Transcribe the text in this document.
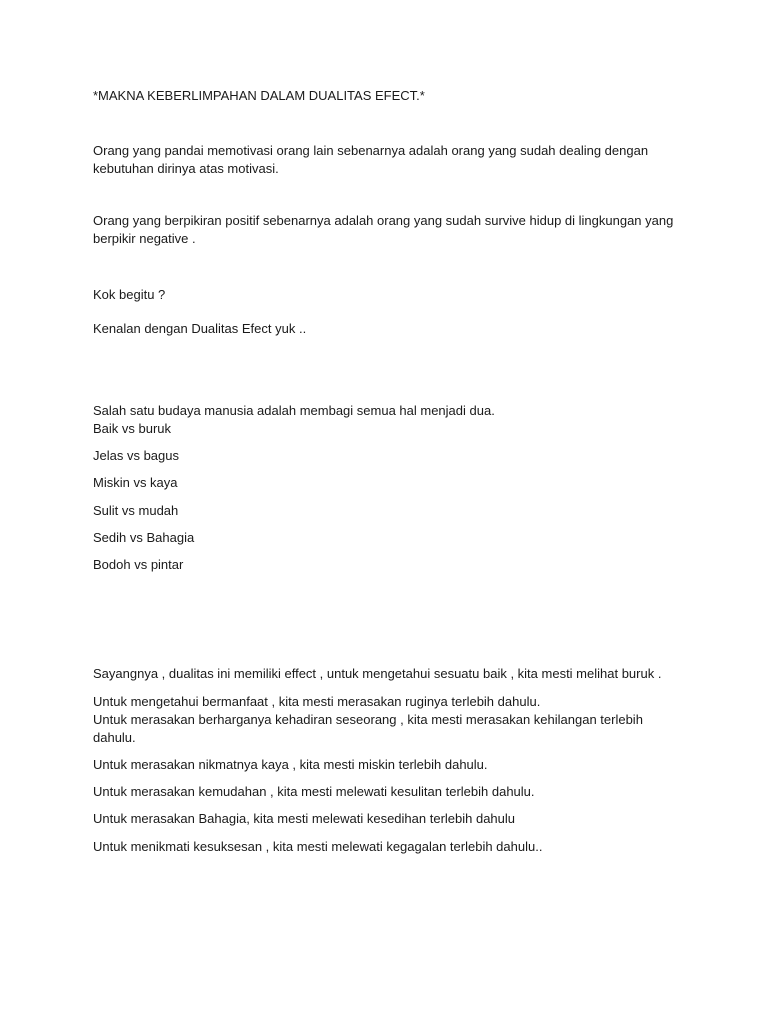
*MAKNA KEBERLIMPAHAN DALAM DUALITAS EFECT.*

Orang yang pandai memotivasi orang lain sebenarnya adalah orang yang sudah dealing dengan

kebutuhan dirinya atas motivasi.

Orang yang berpikiran positif sebenarnya adalah orang yang sudah survive hidup di lingkungan yang

berpikir negative .

Kok begitu ?

Kenalan dengan Dualitas Efect yuk ..

Salah satu budaya manusia adalah membagi semua hal menjadi dua.

Baik vs buruk

Jelas vs bagus

Miskin vs kaya

Sulit vs mudah

Sedih vs Bahagia

Bodoh vs pintar

Sayangnya , dualitas ini memiliki effect , untuk mengetahui sesuatu baik , kita mesti melihat buruk .

Untuk mengetahui bermanfaat , kita mesti merasakan ruginya terlebih dahulu.

Untuk merasakan berharganya kehadiran seseorang , kita mesti merasakan kehilangan terlebih

dahulu.

Untuk merasakan nikmatnya kaya , kita mesti miskin terlebih dahulu.

Untuk merasakan kemudahan , kita mesti melewati kesulitan terlebih dahulu.

Untuk merasakan Bahagia, kita mesti melewati kesedihan terlebih dahulu

Untuk menikmati kesuksesan , kita mesti melewati kegagalan terlebih dahulu..
